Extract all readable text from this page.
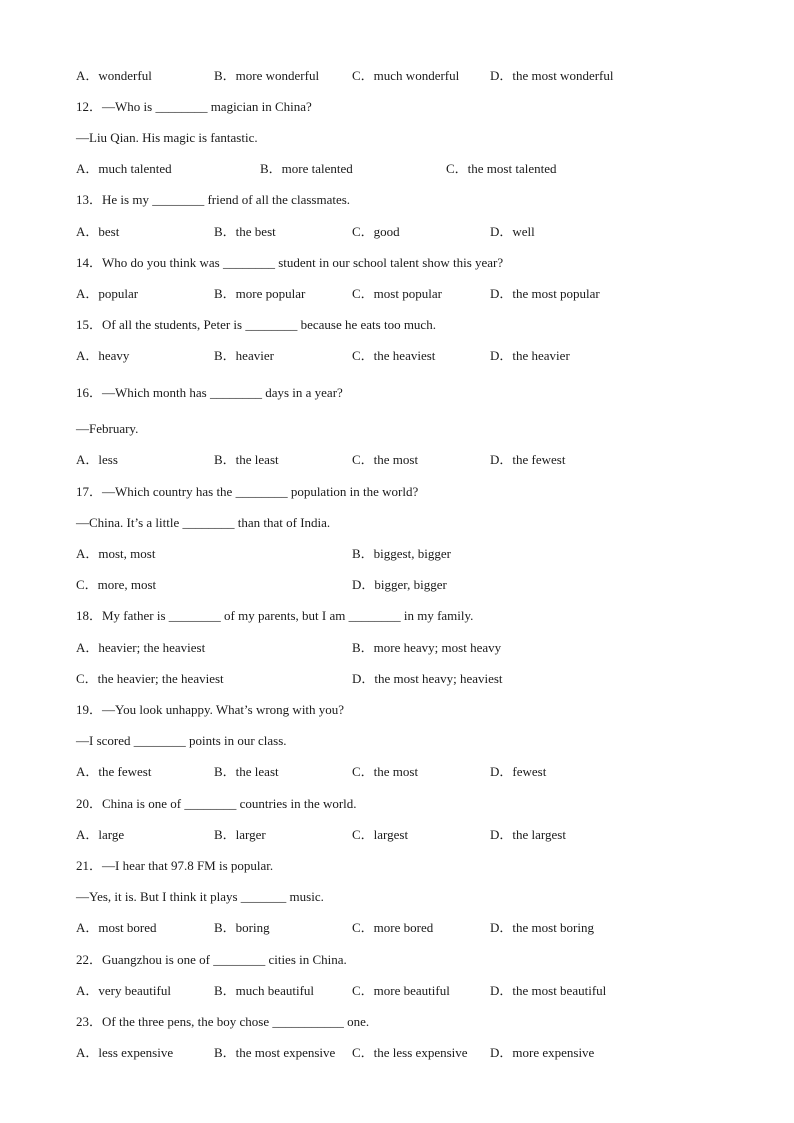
A．wonderful	B．more wonderful	C．much wonderful D．the most wonderful
12．—Who is ________ magician in China?
—Liu Qian. His magic is fantastic.
A．much talented	B．more talented	C．the most talented
13．He is my ________ friend of all the classmates.
A．best	B．the best	C．good	D．well
14．Who do you think was ________ student in our school talent show this year?
A．popular	B．more popular	C．most popular	D．the most popular
15．Of all the students, Peter is ________ because he eats too much.
A．heavy	B．heavier	C．the heaviest	D．the heavier
16．—Which month has ________ days in a year?
—February.
A．less	B．the least	C．the most	D．the fewest
17．—Which country has the ________ population in the world?
—China. It’s a little ________ than that of India.
A．most, most	B．biggest, bigger
C．more, most	D．bigger, bigger
18．My father is ________ of my parents, but I am ________ in my family.
A．heavier; the heaviest	B．more heavy; most heavy
C．the heavier; the heaviest	D．the most heavy; heaviest
19．—You look unhappy. What’s wrong with you?
—I scored ________ points in our class.
A．the fewest	B．the least	C．the most	D．fewest
20．China is one of ________ countries in the world.
A．large	B．larger	C．largest	D．the largest
21．—I hear that 97.8 FM is popular.
—Yes, it is. But I think it plays _______ music.
A．most bored	B．boring	C．more bored	D．the most boring
22．Guangzhou is one of ________ cities in China.
A．very beautiful	B．much beautiful	C．more beautiful	D．the most beautiful
23．Of the three pens, the boy chose ___________ one.
A．less expensive	B．the most expensive C．the less expensive D．more expensive
